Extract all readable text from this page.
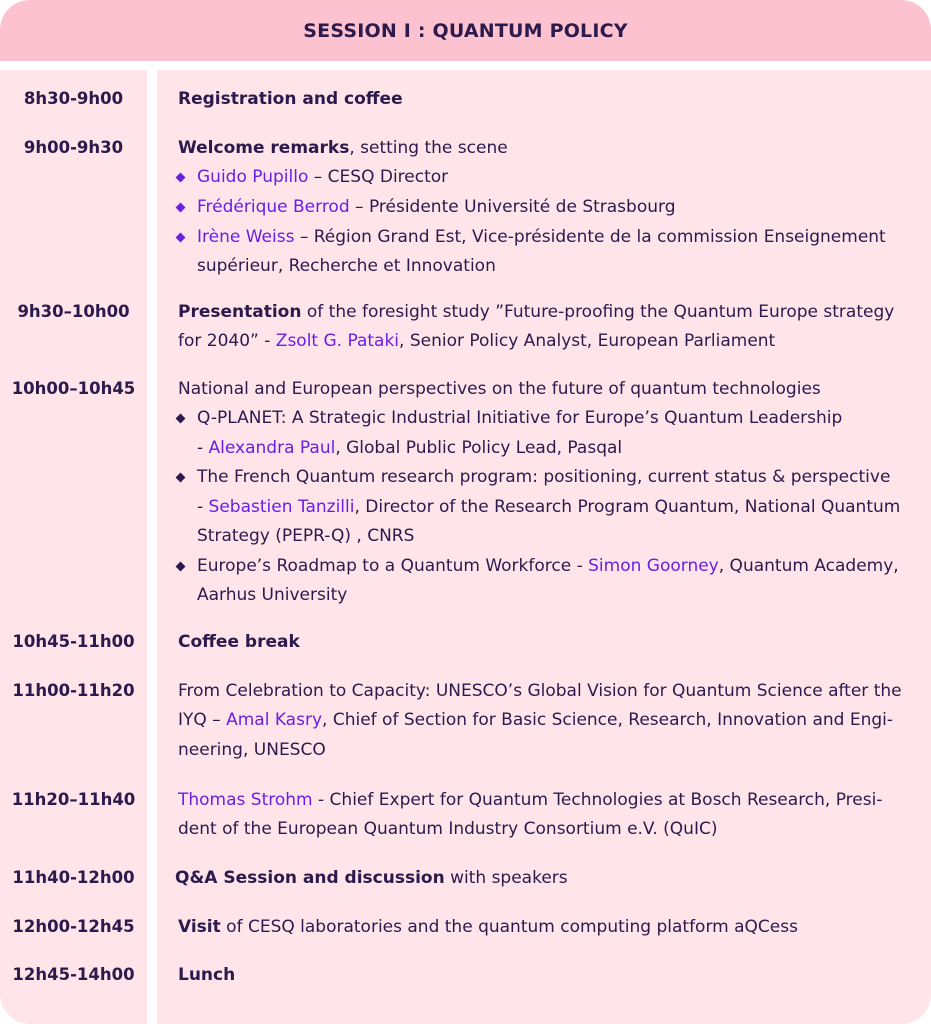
SESSION I : QUANTUM POLICY
8h30-9h00	Registration and coffee
9h00-9h30	Welcome remarks, setting the scene
Guido Pupillo – CESQ Director
Frédérique Berrod – Présidente Université de Strasbourg
Irène Weiss – Région Grand Est, Vice-présidente de la commission Enseignement
supérieur, Recherche et Innovation
9h30–10h00	Presentation of the foresight study ”Future-proofing the Quantum Europe strategy
for 2040” - Zsolt G. Pataki, Senior Policy Analyst, European Parliament
10h00–10h45	National and European perspectives on the future of quantum technologies
Q-PLANET: A Strategic Industrial Initiative for Europe’s Quantum Leadership
- Alexandra Paul, Global Public Policy Lead, Pasqal
The French Quantum research program: positioning, current status & perspective
- Sebastien Tanzilli, Director of the Research Program Quantum, National Quantum
Strategy (PEPR-Q) , CNRS
Europe’s Roadmap to a Quantum Workforce - Simon Goorney, Quantum Academy,
Aarhus University
10h45-11h00	Coffee break
11h00-11h20	From Celebration to Capacity: UNESCO’s Global Vision for Quantum Science after the
IYQ – Amal Kasry, Chief of Section for Basic Science, Research, Innovation and Engi-
neering, UNESCO
11h20–11h40	Thomas Strohm - Chief Expert for Quantum Technologies at Bosch Research, Presi-
dent of the European Quantum Industry Consortium e.V. (QuIC)
11h40-12h00	Q&A Session and discussion with speakers
12h00-12h45	Visit of CESQ laboratories and the quantum computing platform aQCess
12h45-14h00	Lunch
